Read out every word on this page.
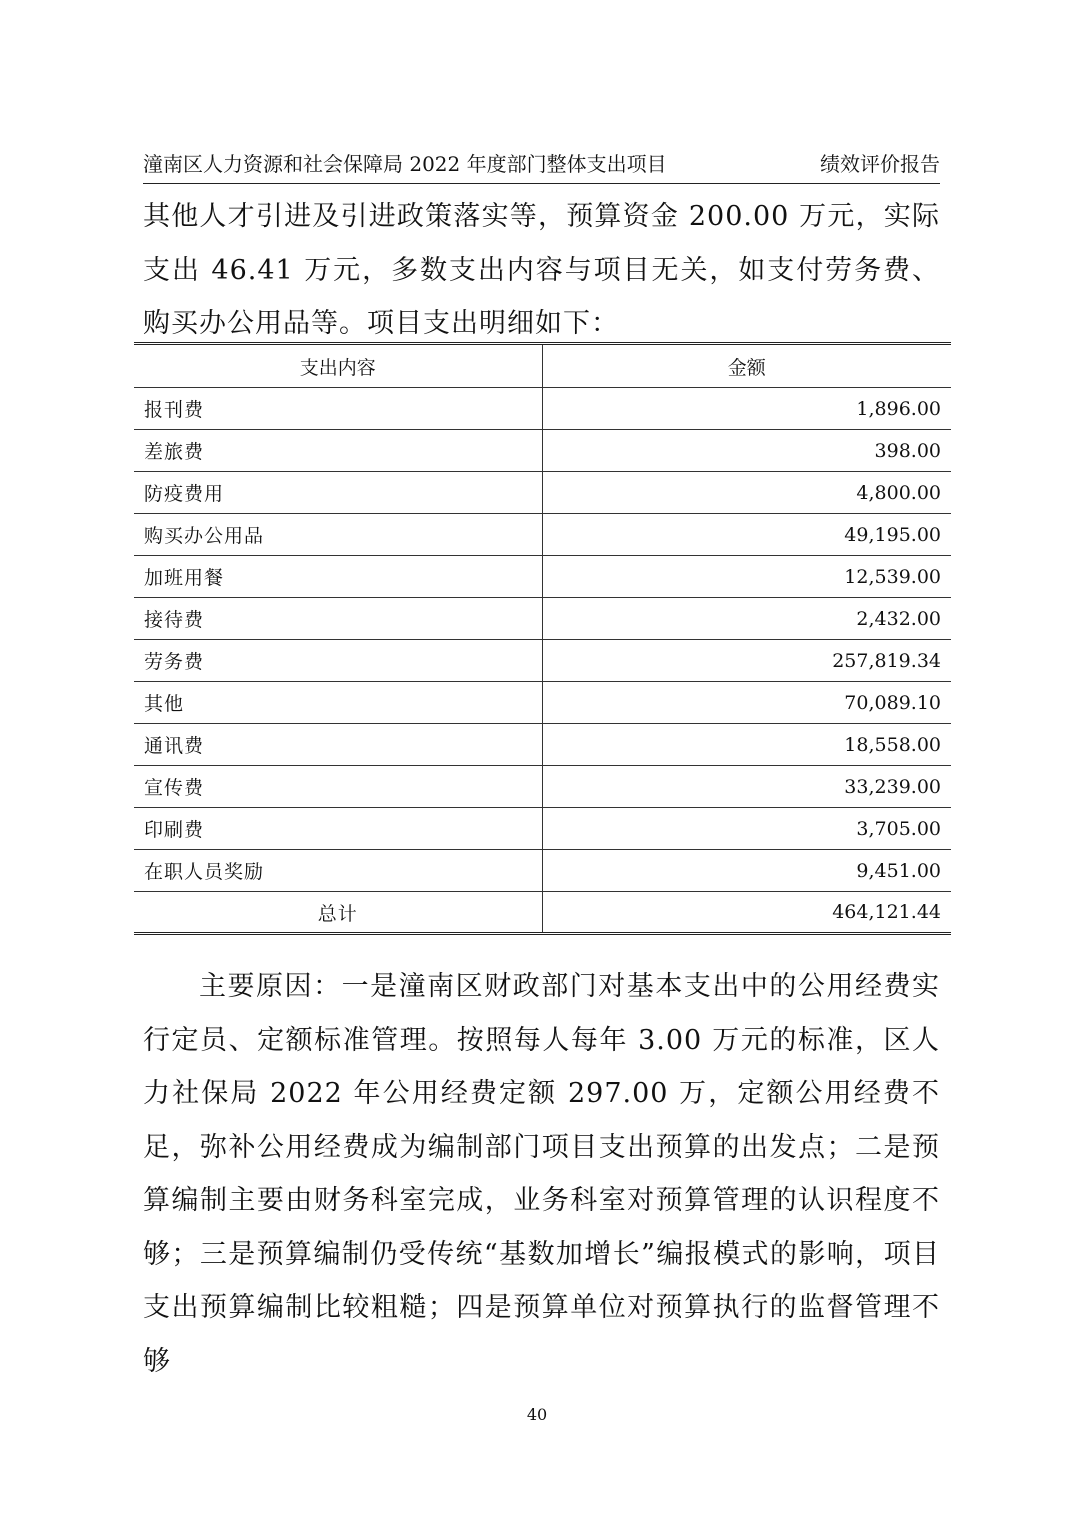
潼南区人力资源和社会保障局 2022 年度部门整体支出项目	绩效评价报告

其他人才引进及引进政策落实等，预算资金 200.00 万元，实际支出 46.41 万元，多数支出内容与项目无关，如支付劳务费、购买办公用品等。项目支出明细如下：

支出内容	金额
报刊费	1,896.00
差旅费	398.00
防疫费用	4,800.00
购买办公用品	49,195.00
加班用餐	12,539.00
接待费	2,432.00
劳务费	257,819.34
其他	70,089.10
通讯费	18,558.00
宣传费	33,239.00
印刷费	3,705.00
在职人员奖励	9,451.00
总计	464,121.44

主要原因：一是潼南区财政部门对基本支出中的公用经费实行定员、定额标准管理。按照每人每年 3.00 万元的标准，区人力社保局 2022 年公用经费定额 297.00 万，定额公用经费不足，弥补公用经费成为编制部门项目支出预算的出发点；二是预算编制主要由财务科室完成，业务科室对预算管理的认识程度不够；三是预算编制仍受传统“基数加增长”编报模式的影响，项目支出预算编制比较粗糙；四是预算单位对预算执行的监督管理不够

40
